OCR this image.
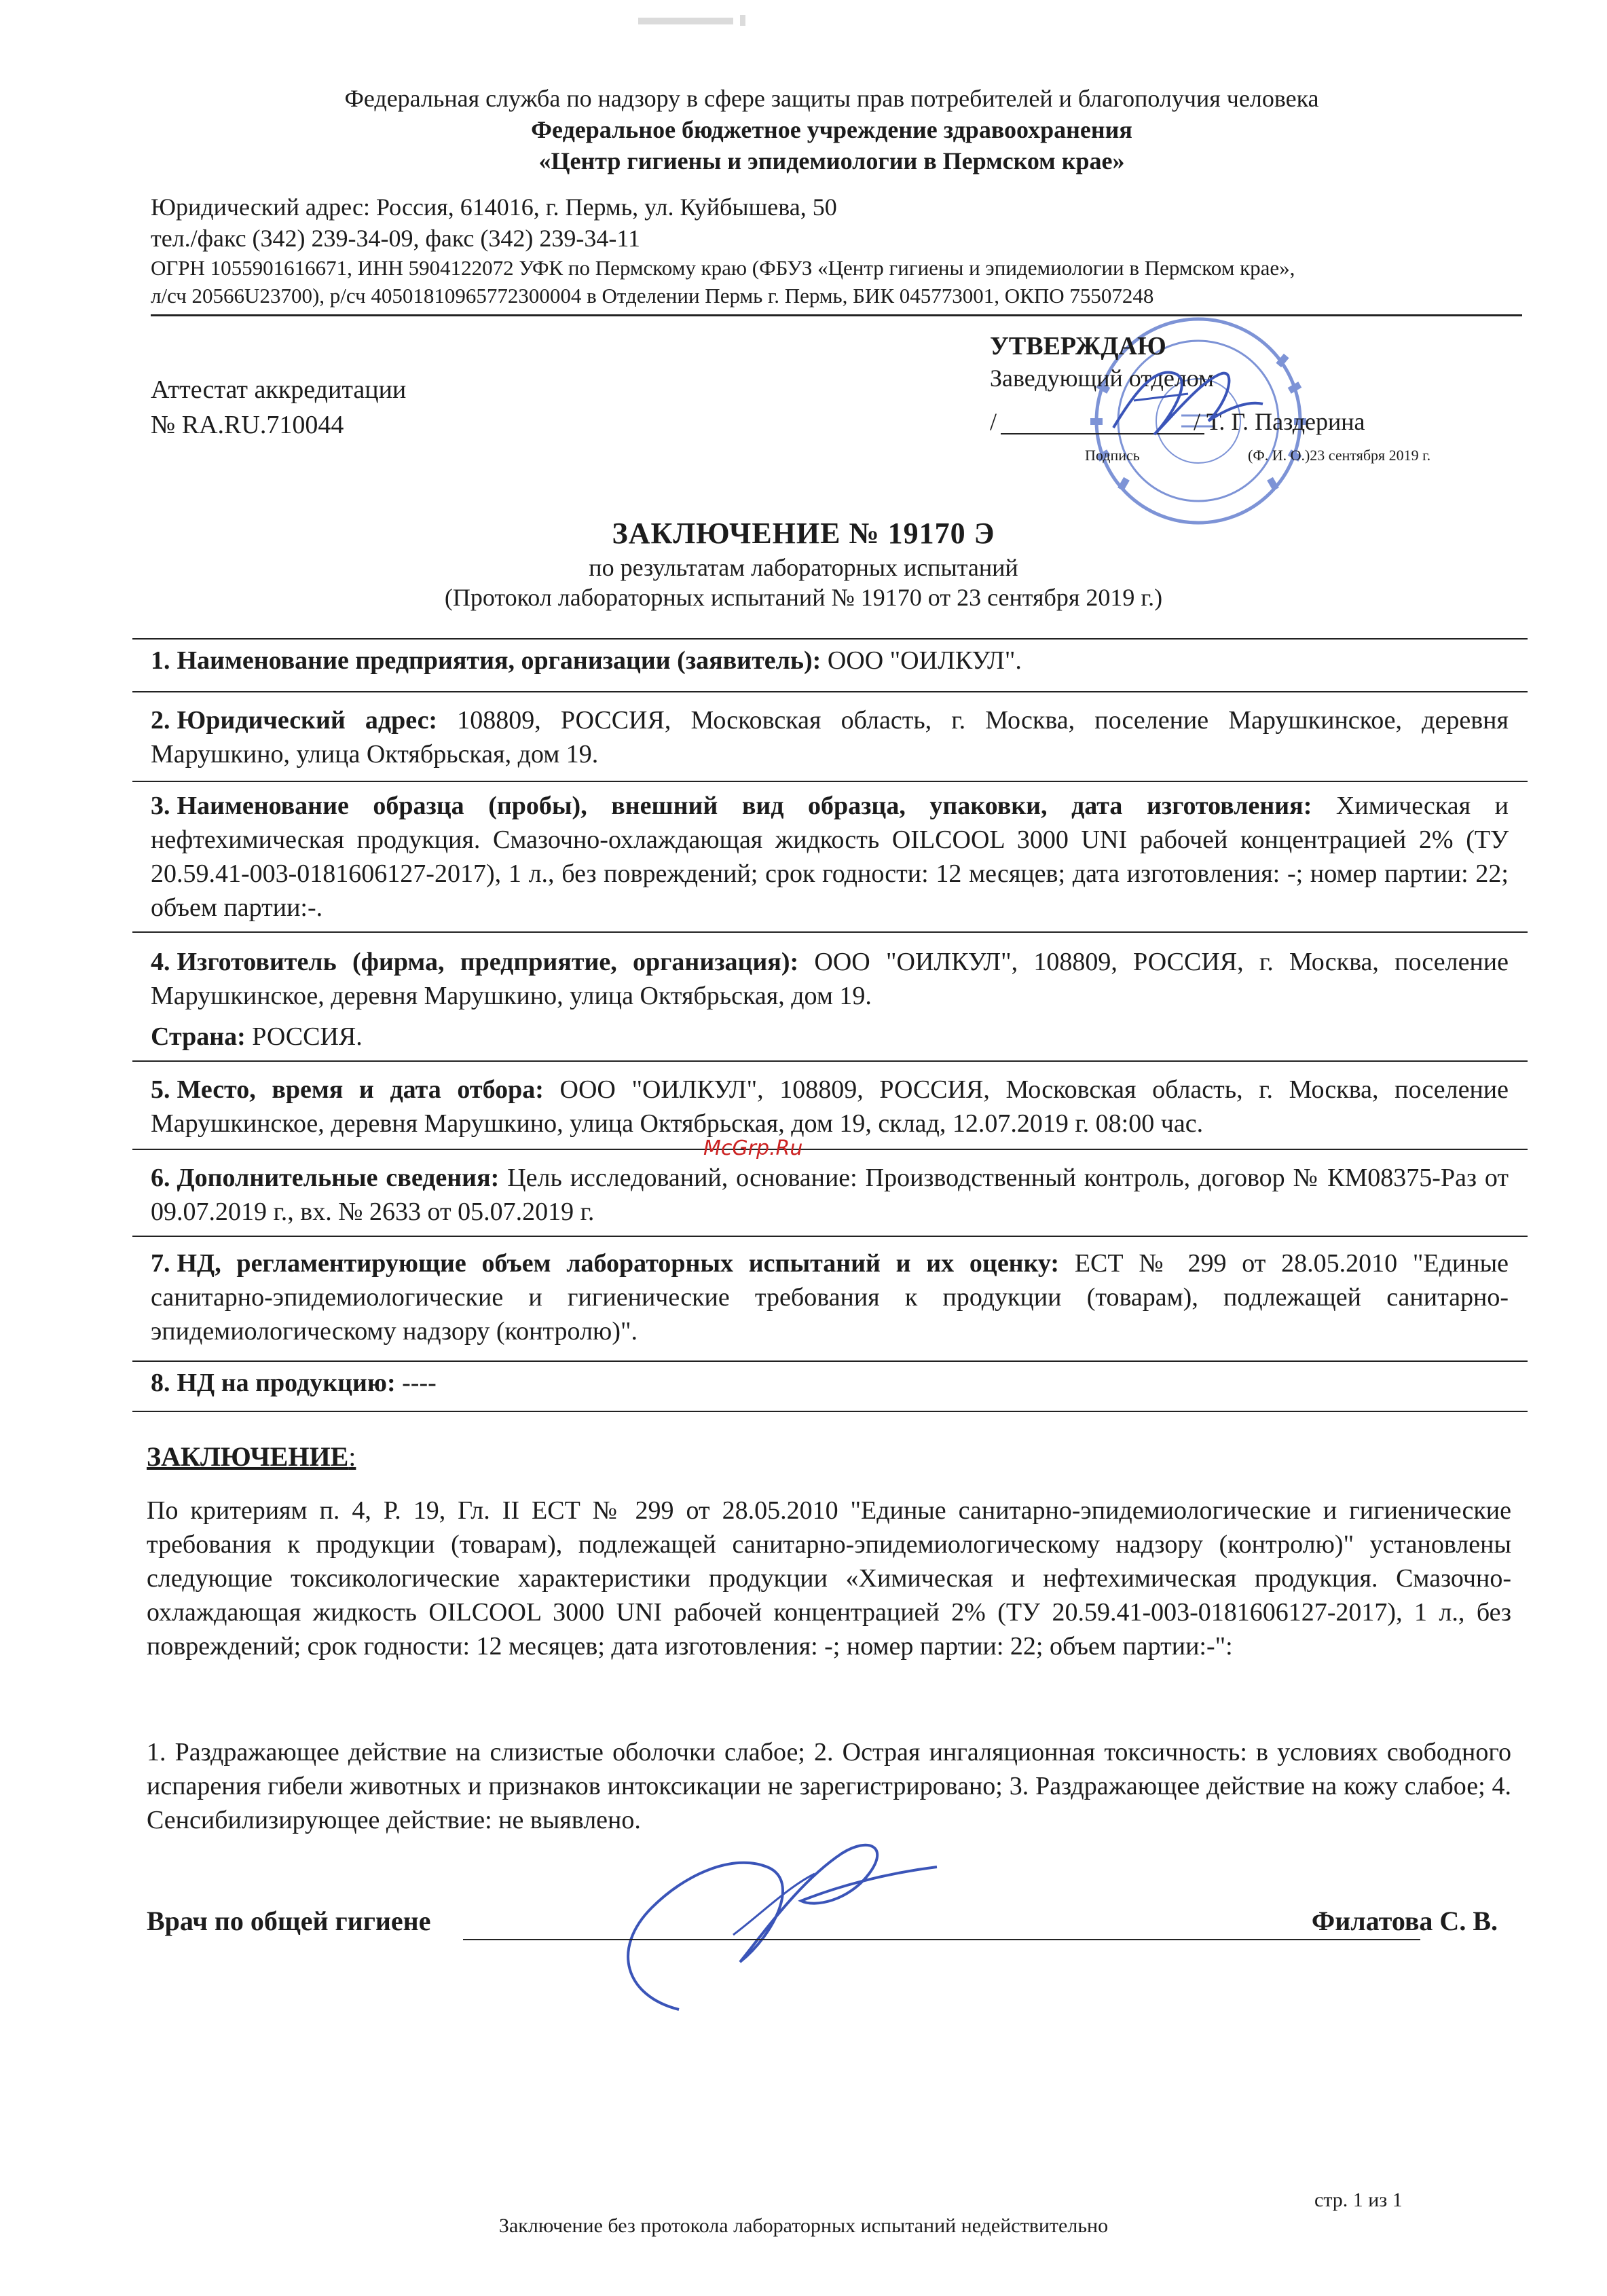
Федеральная служба по надзору в сфере защиты прав потребителей и благополучия человека
Федеральное бюджетное учреждение здравоохранения
«Центр гигиены и эпидемиологии в Пермском крае»
Юридический адрес: Россия, 614016, г. Пермь, ул. Куйбышева, 50
тел./факс (342) 239-34-09, факс (342) 239-34-11
ОГРН 1055901616671, ИНН 5904122072 УФК по Пермскому краю (ФБУЗ «Центр гигиены и эпидемиологии в Пермском крае»,
л/сч 20566U23700), р/сч 40501810965772300004 в Отделении Пермь г. Пермь, БИК 045773001, ОКПО 75507248
Аттестат аккредитации
№ RA.RU.710044
УТВЕРЖДАЮ
Заведующий отделом
/	/ Т. Г. Паздерина
Подпись	(Ф. И. О.)23 сентября 2019 г.
ЗАКЛЮЧЕНИЕ № 19170 Э
по результатам лабораторных испытаний
(Протокол лабораторных испытаний № 19170 от 23 сентября 2019 г.)
1. Наименование предприятия, организации (заявитель): ООО "ОИЛКУЛ".
2. Юридический адрес: 108809, РОССИЯ, Московская область, г. Москва, поселение Марушкинское, деревня Марушкино, улица Октябрьская, дом 19.
3. Наименование образца (пробы), внешний вид образца, упаковки, дата изготовления: Химическая и нефтехимическая продукция. Смазочно-охлаждающая жидкость OILCOOL 3000 UNI рабочей концентрацией 2% (ТУ 20.59.41-003-0181606127-2017), 1 л., без повреждений; срок годности: 12 месяцев; дата изготовления: -; номер партии: 22; объем партии:-.
4. Изготовитель (фирма, предприятие, организация): ООО "ОИЛКУЛ", 108809, РОССИЯ, г. Москва, поселение Марушкинское, деревня Марушкино, улица Октябрьская, дом 19.
Страна: РОССИЯ.
5. Место, время и дата отбора: ООО "ОИЛКУЛ", 108809, РОССИЯ, Московская область, г. Москва, поселение Марушкинское, деревня Марушкино, улица Октябрьская, дом 19, склад, 12.07.2019 г. 08:00 час.
6. Дополнительные сведения: Цель исследований, основание: Производственный контроль, договор № КМ08375-Раз от 09.07.2019 г., вх. № 2633 от 05.07.2019 г.
7. НД, регламентирующие объем лабораторных испытаний и их оценку: ЕСТ № 299 от 28.05.2010 "Единые санитарно-эпидемиологические и гигиенические требования к продукции (товарам), подлежащей санитарно-эпидемиологическому надзору (контролю)".
8. НД на продукцию: ----
McGrp.Ru
ЗАКЛЮЧЕНИЕ:
По критериям п. 4, Р. 19, Гл. II ЕСТ № 299 от 28.05.2010 "Единые санитарно-эпидемиологические и гигиенические требования к продукции (товарам), подлежащей санитарно-эпидемиологическому надзору (контролю)" установлены следующие токсикологические характеристики продукции «Химическая и нефтехимическая продукция. Смазочно-охлаждающая жидкость OILCOOL 3000 UNI рабочей концентрацией 2% (ТУ 20.59.41-003-0181606127-2017), 1 л., без повреждений; срок годности: 12 месяцев; дата изготовления: -; номер партии: 22; объем партии:-":
1. Раздражающее действие на слизистые оболочки слабое; 2. Острая ингаляционная токсичность: в условиях свободного испарения гибели животных и признаков интоксикации не зарегистрировано; 3. Раздражающее действие на кожу слабое; 4. Сенсибилизирующее действие: не выявлено.
Врач по общей гигиене	Филатова С. В.
стр. 1 из 1
Заключение без протокола лабораторных испытаний недействительно
